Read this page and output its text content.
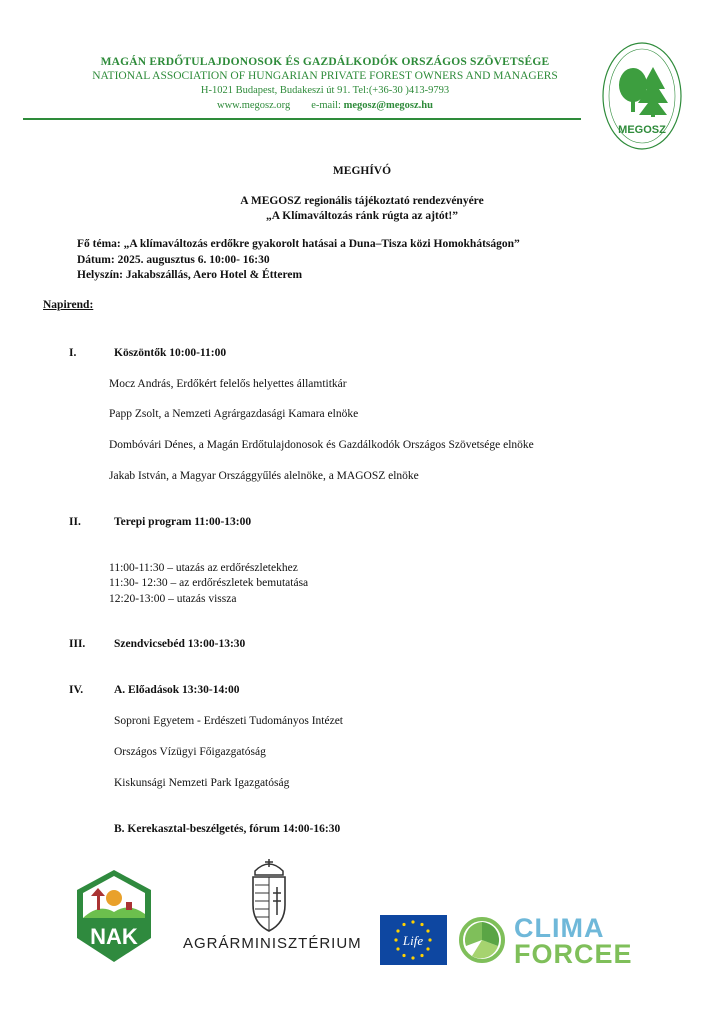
MAGÁN ERDŐTULAJDONOSOK ÉS GAZDÁLKODÓK ORSZÁGOS SZÖVETSÉGE
NATIONAL ASSOCIATION OF HUNGARIAN PRIVATE FOREST OWNERS AND MANAGERS
H-1021 Budapest, Budakeszi út 91. Tel:(+36-30 )413-9793
www.megosz.org e-mail: megosz@megosz.hu
MEGOSZ
MEGHÍVÓ
A MEGOSZ regionális tájékoztató rendezvényére
„A Klímaváltozás ránk rúgta az ajtót!”
Fő téma: „A klímaváltozás erdőkre gyakorolt hatásai a Duna–Tisza közi Homokhátságon”
Dátum: 2025. augusztus 6. 10:00- 16:30
Helyszín: Jakabszállás, Aero Hotel & Étterem
Napirend:
I.	Köszöntők 10:00-11:00
Mocz András, Erdőkért felelős helyettes államtitkár
Papp Zsolt, a Nemzeti Agrárgazdasági Kamara elnöke
Dombóvári Dénes, a Magán Erdőtulajdonosok és Gazdálkodók Országos Szövetsége elnöke
Jakab István, a Magyar Országgyűlés alelnöke, a MAGOSZ elnöke
II.	Terepi program 11:00-13:00
11:00-11:30 – utazás az erdőrészletekhez
11:30- 12:30 – az erdőrészletek bemutatása
12:20-13:00 – utazás vissza
III. Szendvicsebéd 13:00-13:30
IV.	A. Előadások 13:30-14:00
Soproni Egyetem - Erdészeti Tudományos Intézet
Országos Vízügyi Főigazgatóság
Kiskunsági Nemzeti Park Igazgatóság
B. Kerekasztal-beszélgetés, fórum 14:00-16:30
NAK	AGRÁRMINISZTÉRIUM	Life	CLIMA
FORCEE
